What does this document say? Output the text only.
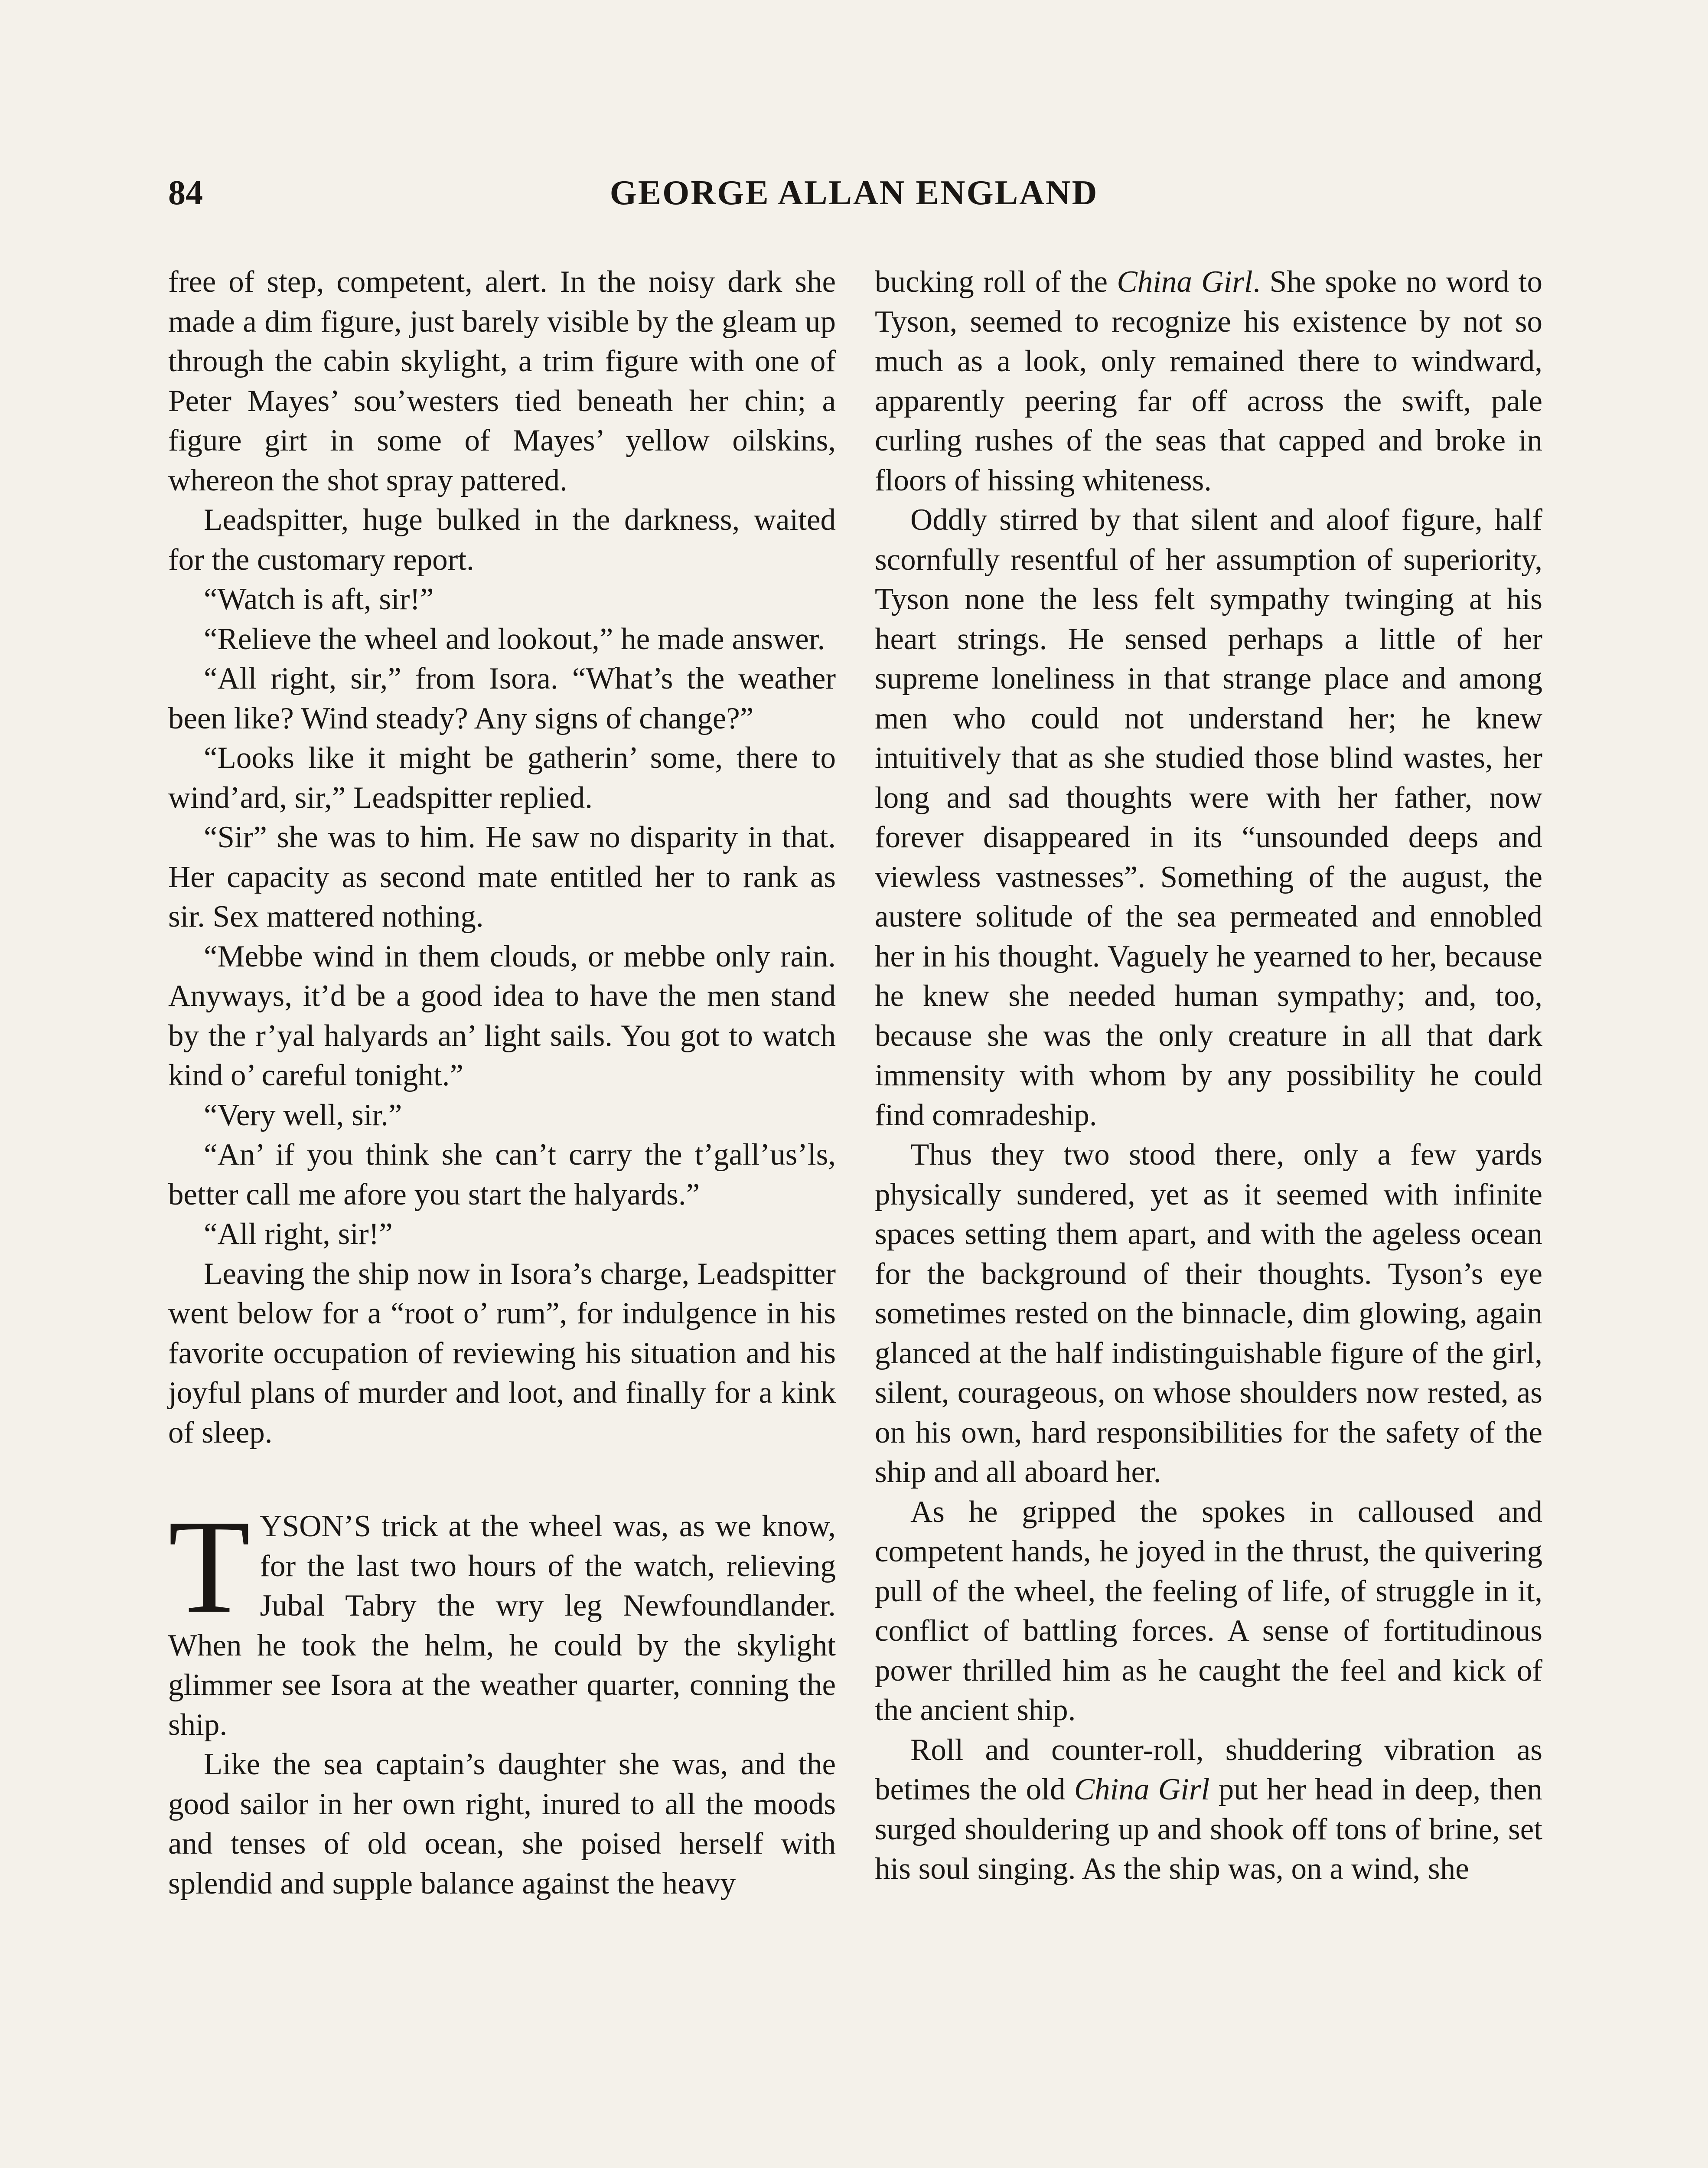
84	GEORGE ALLAN ENGLAND

free of step, competent, alert. In the noisy dark she made a dim figure, just barely visible by the gleam up through the cabin skylight, a trim figure with one of Peter Mayes’ sou’westers tied beneath her chin; a figure girt in some of Mayes’ yellow oilskins, whereon the shot spray pattered.

Leadspitter, huge bulked in the darkness, waited for the customary report.

“Watch is aft, sir!”

“Relieve the wheel and lookout,” he made answer.

“All right, sir,” from Isora. “What’s the weather been like? Wind steady? Any signs of change?”

“Looks like it might be gatherin’ some, there to wind’ard, sir,” Leadspitter replied.

“Sir” she was to him. He saw no disparity in that. Her capacity as second mate entitled her to rank as sir. Sex mattered nothing.

“Mebbe wind in them clouds, or mebbe only rain. Anyways, it’d be a good idea to have the men stand by the r’yal halyards an’ light sails. You got to watch kind o’ careful tonight.”

“Very well, sir.”

“An’ if you think she can’t carry the t’gall’us’ls, better call me afore you start the halyards.”

“All right, sir!”

Leaving the ship now in Isora’s charge, Leadspitter went below for a “root o’ rum”, for indulgence in his favorite occupation of reviewing his situation and his joyful plans of murder and loot, and finally for a kink of sleep.

TYSON’S trick at the wheel was, as we know, for the last two hours of the watch, relieving Jubal Tabry the wry leg Newfoundlander. When he took the helm, he could by the skylight glimmer see Isora at the weather quarter, conning the ship.

Like the sea captain’s daughter she was, and the good sailor in her own right, inured to all the moods and tenses of old ocean, she poised herself with splendid and supple balance against the heavy

bucking roll of the China Girl. She spoke no word to Tyson, seemed to recognize his existence by not so much as a look, only remained there to windward, apparently peering far off across the swift, pale curling rushes of the seas that capped and broke in floors of hissing whiteness.

Oddly stirred by that silent and aloof figure, half scornfully resentful of her assumption of superiority, Tyson none the less felt sympathy twinging at his heart strings. He sensed perhaps a little of her supreme loneliness in that strange place and among men who could not understand her; he knew intuitively that as she studied those blind wastes, her long and sad thoughts were with her father, now forever disappeared in its “unsounded deeps and viewless vastnesses”. Something of the august, the austere solitude of the sea permeated and ennobled her in his thought. Vaguely he yearned to her, because he knew she needed human sympathy; and, too, because she was the only creature in all that dark immensity with whom by any possibility he could find comradeship.

Thus they two stood there, only a few yards physically sundered, yet as it seemed with infinite spaces setting them apart, and with the ageless ocean for the background of their thoughts. Tyson’s eye sometimes rested on the binnacle, dim glowing, again glanced at the half indistinguishable figure of the girl, silent, courageous, on whose shoulders now rested, as on his own, hard responsibilities for the safety of the ship and all aboard her.

As he gripped the spokes in calloused and competent hands, he joyed in the thrust, the quivering pull of the wheel, the feeling of life, of struggle in it, conflict of battling forces. A sense of fortitudinous power thrilled him as he caught the feel and kick of the ancient ship.

Roll and counter-roll, shuddering vibration as betimes the old China Girl put her head in deep, then surged shouldering up and shook off tons of brine, set his soul singing. As the ship was, on a wind, she
